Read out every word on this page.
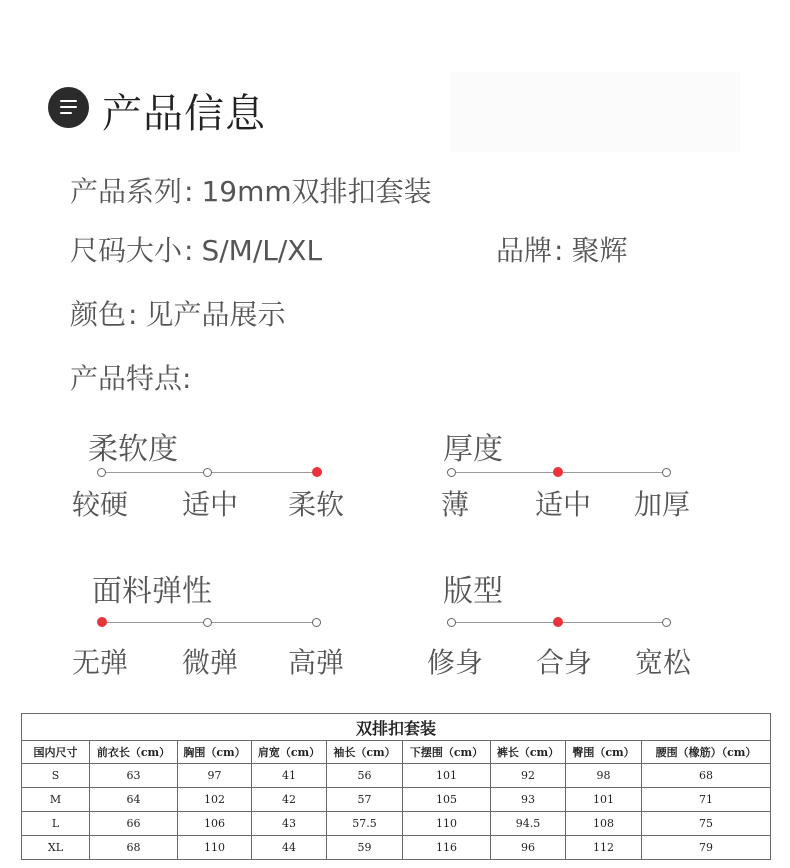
产品信息
产品系列: 19mm双排扣套装
尺码大小: S/M/L/XL	品牌: 聚辉
颜色: 见产品展示
产品特点:
柔软度
较硬 适中 柔软
厚度
薄 适中 加厚
面料弹性
无弹 微弹 高弹
版型
修身 合身 宽松
双排扣套装								
国内尺寸	前衣长（cm）	胸围（cm）	肩宽（cm）	袖长（cm）	下摆围（cm）	裤长（cm）	臀围（cm）	腰围（橡筋）（cm）
S	63	97	41	56	101	92	98	68
M	64	102	42	57	105	93	101	71
L	66	106	43	57.5	110	94.5	108	75
XL	68	110	44	59	116	96	112	79
